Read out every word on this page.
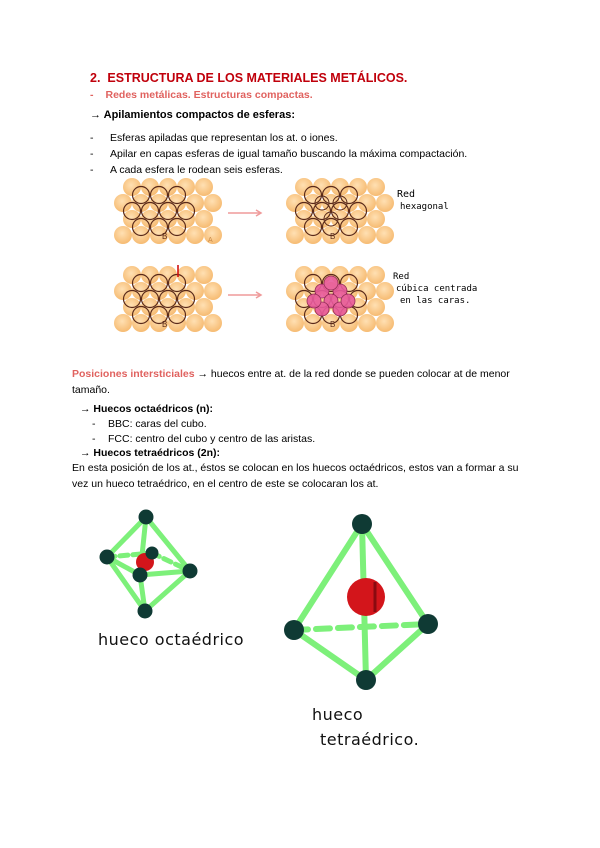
2. ESTRUCTURA DE LOS MATERIALES METÁLICOS.
- Redes metálicas. Estructuras compactas.
→ Apilamientos compactos de esferas:
- Esferas apiladas que representan los at. o iones.
- Apilar en capas esferas de igual tamaño buscando la máxima compactación.
- A cada esfera le rodean seis esferas.
B	A	B
Red
hexagonal
B	B
Red
cúbica centrada
en las caras.
Posiciones intersticiales → huecos entre at. de la red donde se pueden colocar at de menor tamaño.
→ Huecos octaédricos (n):
- BBC: caras del cubo.
- FCC: centro del cubo y centro de las aristas.
→ Huecos tetraédricos (2n):
En esta posición de los at., éstos se colocan en los huecos octaédricos, estos van a formar a su vez un hueco tetraédrico, en el centro de este se colocaran los at.
hueco octaédrico
hueco
tetraédrico.
